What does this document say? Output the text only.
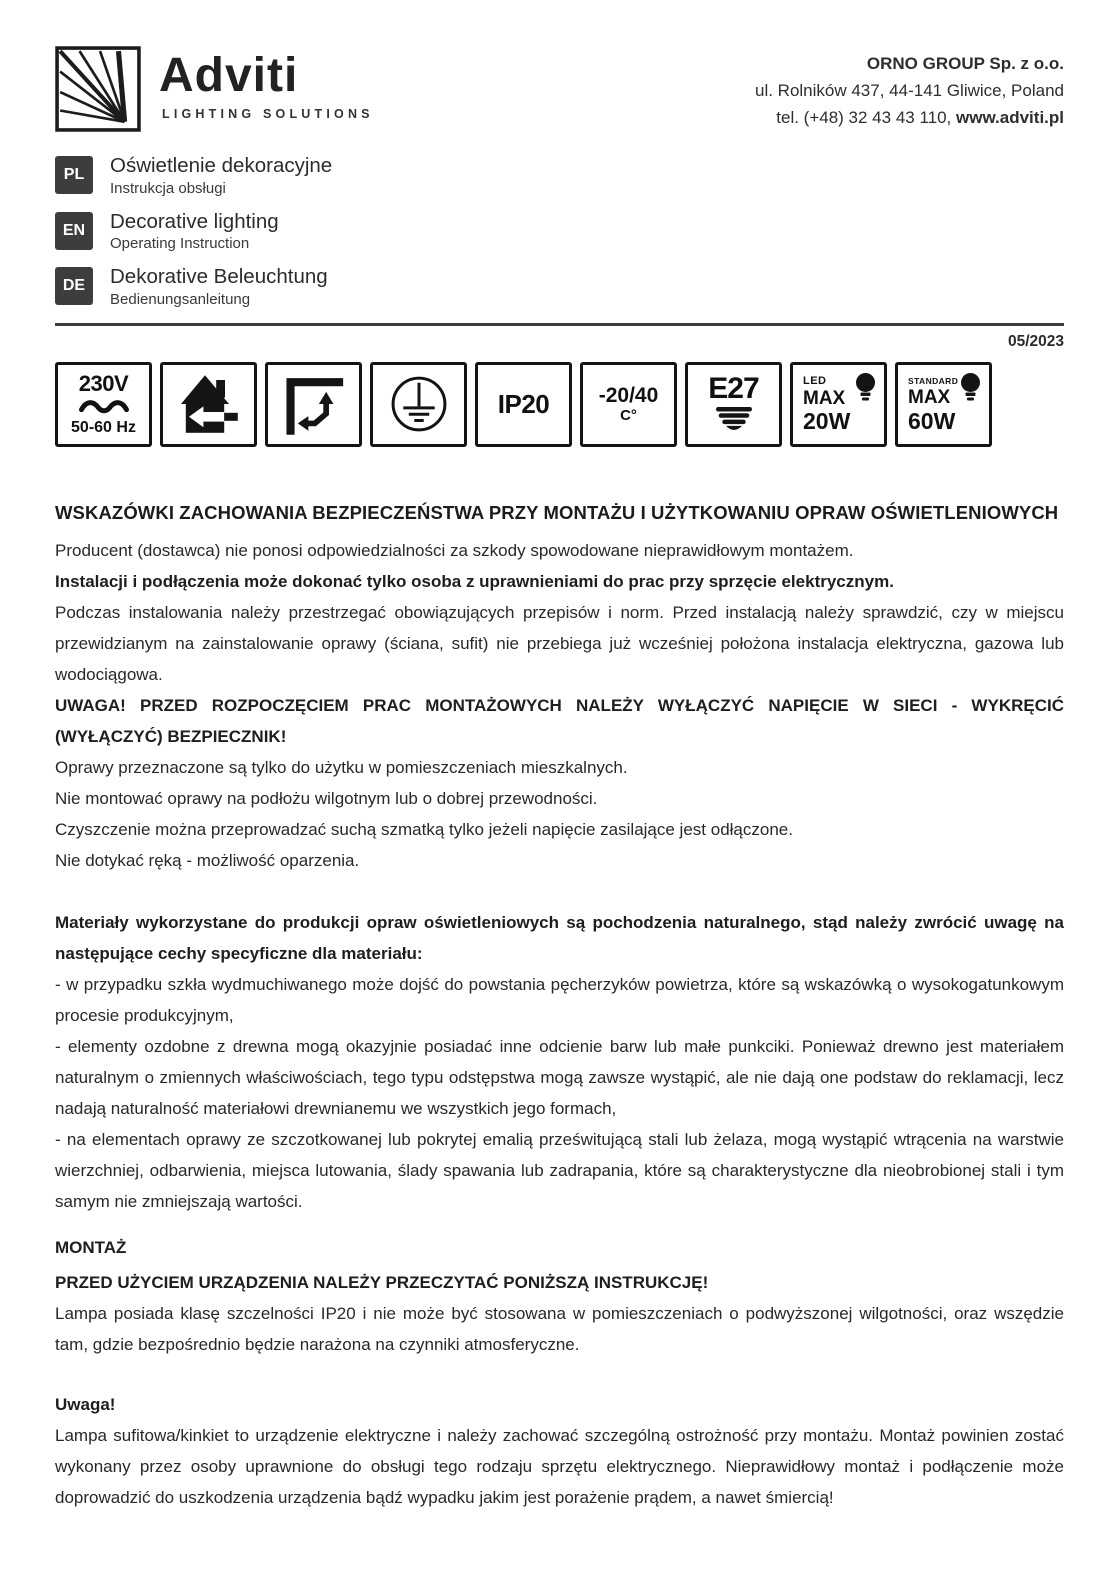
Adviti
LIGHTING SOLUTIONS
ORNO GROUP Sp. z o.o.
ul. Rolników 437, 44-141 Gliwice, Poland
tel. (+48) 32 43 43 110, www.adviti.pl
PL	Oświetlenie dekoracyjne
Instrukcja obsługi
EN	Decorative lighting
Operating Instruction
DE	Dekorative Beleuchtung
Bedienungsanleitung
05/2023
230V
50-60 Hz
IP20 -20/40
C°
E27	LED
MAX
20W
STANDARD
MAX
60W
WSKAZÓWKI ZACHOWANIA BEZPIECZEŃSTWA PRZY MONTAŻU I UŻYTKOWANIU OPRAW OŚWIETLENIOWYCH

Producent (dostawca) nie ponosi odpowiedzialności za szkody spowodowane nieprawidłowym montażem.

Instalacji i podłączenia może dokonać tylko osoba z uprawnieniami do prac przy sprzęcie elektrycznym.

Podczas instalowania należy przestrzegać obowiązujących przepisów i norm. Przed instalacją należy sprawdzić, czy w miejscu przewidzianym na zainstalowanie oprawy (ściana, sufit) nie przebiega już wcześniej położona instalacja elektryczna, gazowa lub wodociągowa.

UWAGA! PRZED ROZPOCZĘCIEM PRAC MONTAŻOWYCH NALEŻY WYŁĄCZYĆ NAPIĘCIE W SIECI - WYKRĘCIĆ (WYŁĄCZYĆ) BEZPIECZNIK!

Oprawy przeznaczone są tylko do użytku w pomieszczeniach mieszkalnych.

Nie montować oprawy na podłożu wilgotnym lub o dobrej przewodności.

Czyszczenie można przeprowadzać suchą szmatką tylko jeżeli napięcie zasilające jest odłączone.

Nie dotykać ręką - możliwość oparzenia.

Materiały wykorzystane do produkcji opraw oświetleniowych są pochodzenia naturalnego, stąd należy zwrócić uwagę na następujące cechy specyficzne dla materiału:

- w przypadku szkła wydmuchiwanego może dojść do powstania pęcherzyków powietrza, które są wskazówką o wysokogatunkowym procesie produkcyjnym,

- elementy ozdobne z drewna mogą okazyjnie posiadać inne odcienie barw lub małe punkciki. Ponieważ drewno jest materiałem naturalnym o zmiennych właściwościach, tego typu odstępstwa mogą zawsze wystąpić, ale nie dają one podstaw do reklamacji, lecz nadają naturalność materiałowi drewnianemu we wszystkich jego formach,

- na elementach oprawy ze szczotkowanej lub pokrytej emalią prześwitującą stali lub żelaza, mogą wystąpić wtrącenia na warstwie wierzchniej, odbarwienia, miejsca lutowania, ślady spawania lub zadrapania, które są charakterystyczne dla nieobrobionej stali i tym samym nie zmniejszają wartości.

MONTAŻ

PRZED UŻYCIEM URZĄDZENIA NALEŻY PRZECZYTAĆ PONIŻSZĄ INSTRUKCJĘ!

Lampa posiada klasę szczelności IP20 i nie może być stosowana w pomieszczeniach o podwyższonej wilgotności, oraz wszędzie tam, gdzie bezpośrednio będzie narażona na czynniki atmosferyczne.

Uwaga!

Lampa sufitowa/kinkiet to urządzenie elektryczne i należy zachować szczególną ostrożność przy montażu. Montaż powinien zostać wykonany przez osoby uprawnione do obsługi tego rodzaju sprzętu elektrycznego. Nieprawidłowy montaż i podłączenie może doprowadzić do uszkodzenia urządzenia bądź wypadku jakim jest porażenie prądem, a nawet śmiercią!
